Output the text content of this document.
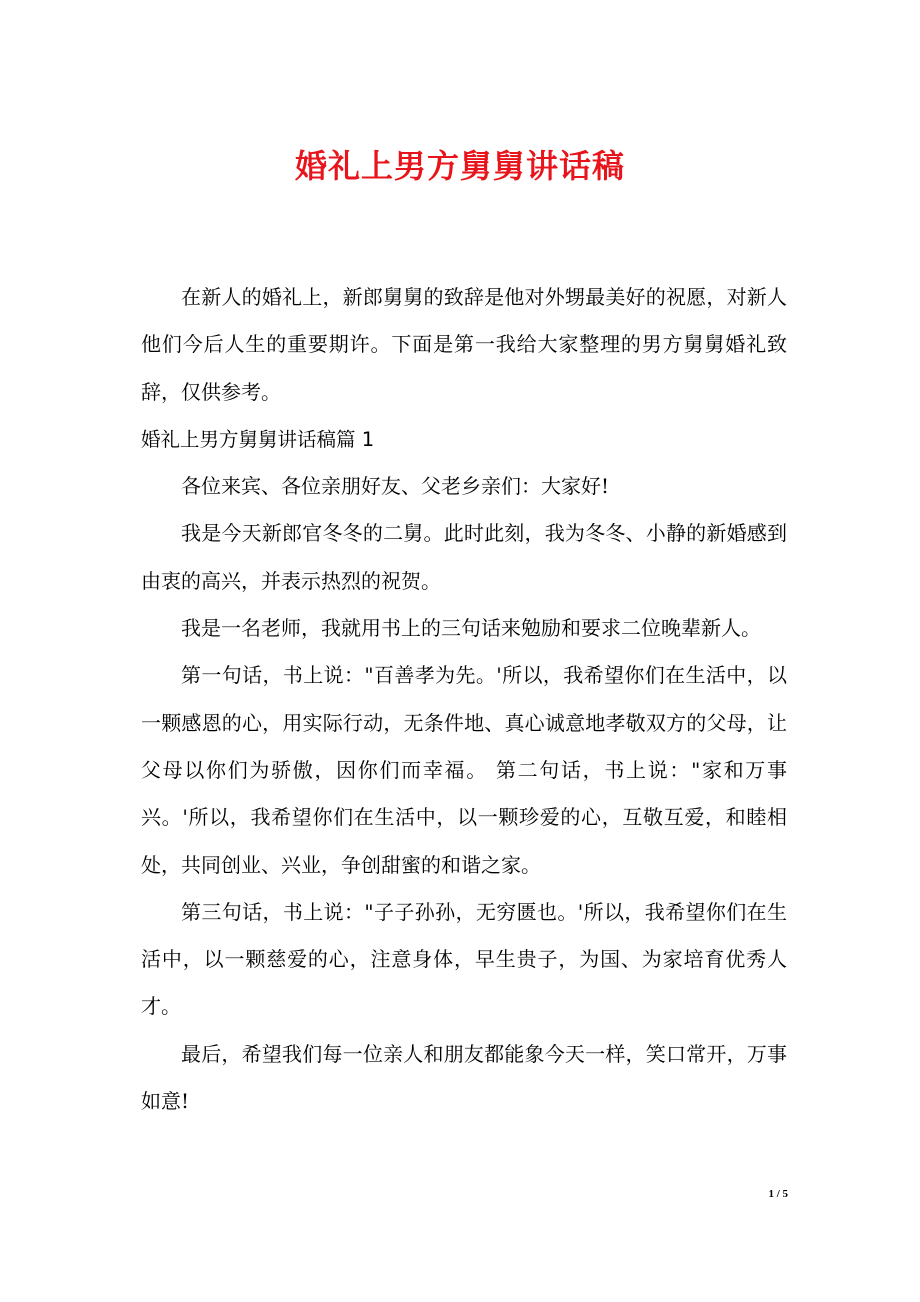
婚礼上男方舅舅讲话稿

在新人的婚礼上，新郎舅舅的致辞是他对外甥最美好的祝愿，对新人他们今后人生的重要期许。下面是第一我给大家整理的男方舅舅婚礼致辞，仅供参考。

婚礼上男方舅舅讲话稿篇 1

各位来宾、各位亲朋好友、父老乡亲们：大家好!

我是今天新郎官冬冬的二舅。此时此刻，我为冬冬、小静的新婚感到由衷的高兴，并表示热烈的祝贺。

我是一名老师，我就用书上的三句话来勉励和要求二位晚辈新人。

第一句话，书上说："百善孝为先。'所以，我希望你们在生活中，以一颗感恩的心，用实际行动，无条件地、真心诚意地孝敬双方的父母，让父母以你们为骄傲，因你们而幸福。 第二句话，书上说："家和万事兴。'所以，我希望你们在生活中，以一颗珍爱的心，互敬互爱，和睦相处，共同创业、兴业，争创甜蜜的和谐之家。

第三句话，书上说："子子孙孙，无穷匮也。'所以，我希望你们在生活中，以一颗慈爱的心，注意身体，早生贵子，为国、为家培育优秀人才。

最后，希望我们每一位亲人和朋友都能象今天一样，笑口常开，万事如意!

1 / 5
